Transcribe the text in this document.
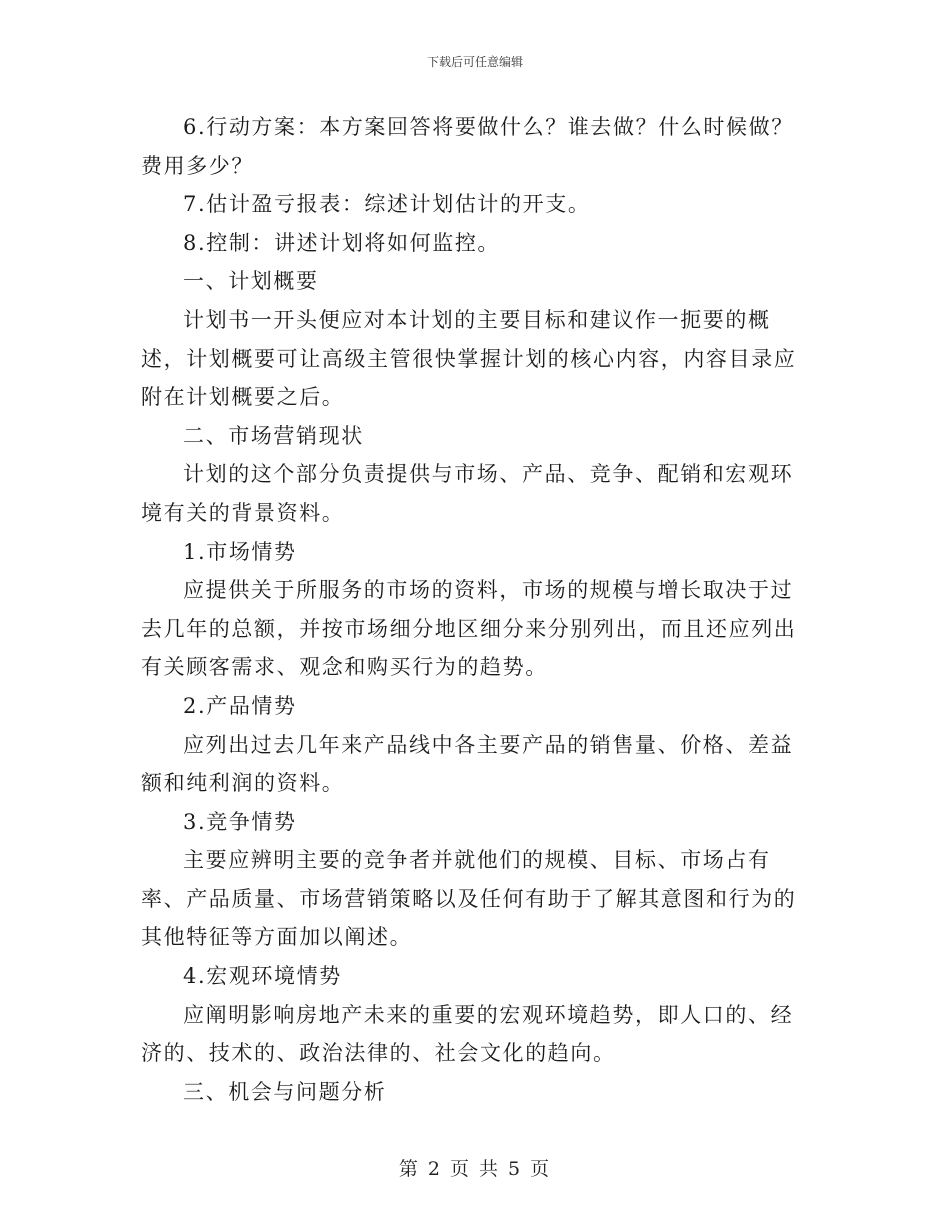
下载后可任意编辑

6.行动方案：本方案回答将要做什么？谁去做？什么时候做？费用多少？

7.估计盈亏报表：综述计划估计的开支。

8.控制：讲述计划将如何监控。

一、计划概要

计划书一开头便应对本计划的主要目标和建议作一扼要的概述，计划概要可让高级主管很快掌握计划的核心内容，内容目录应附在计划概要之后。

二、市场营销现状

计划的这个部分负责提供与市场、产品、竞争、配销和宏观环境有关的背景资料。

1.市场情势

应提供关于所服务的市场的资料，市场的规模与增长取决于过去几年的总额，并按市场细分地区细分来分别列出，而且还应列出有关顾客需求、观念和购买行为的趋势。

2.产品情势

应列出过去几年来产品线中各主要产品的销售量、价格、差益额和纯利润的资料。

3.竞争情势

主要应辨明主要的竞争者并就他们的规模、目标、市场占有率、产品质量、市场营销策略以及任何有助于了解其意图和行为的其他特征等方面加以阐述。

4.宏观环境情势

应阐明影响房地产未来的重要的宏观环境趋势，即人口的、经济的、技术的、政治法律的、社会文化的趋向。

三、机会与问题分析

第 2 页 共 5 页
